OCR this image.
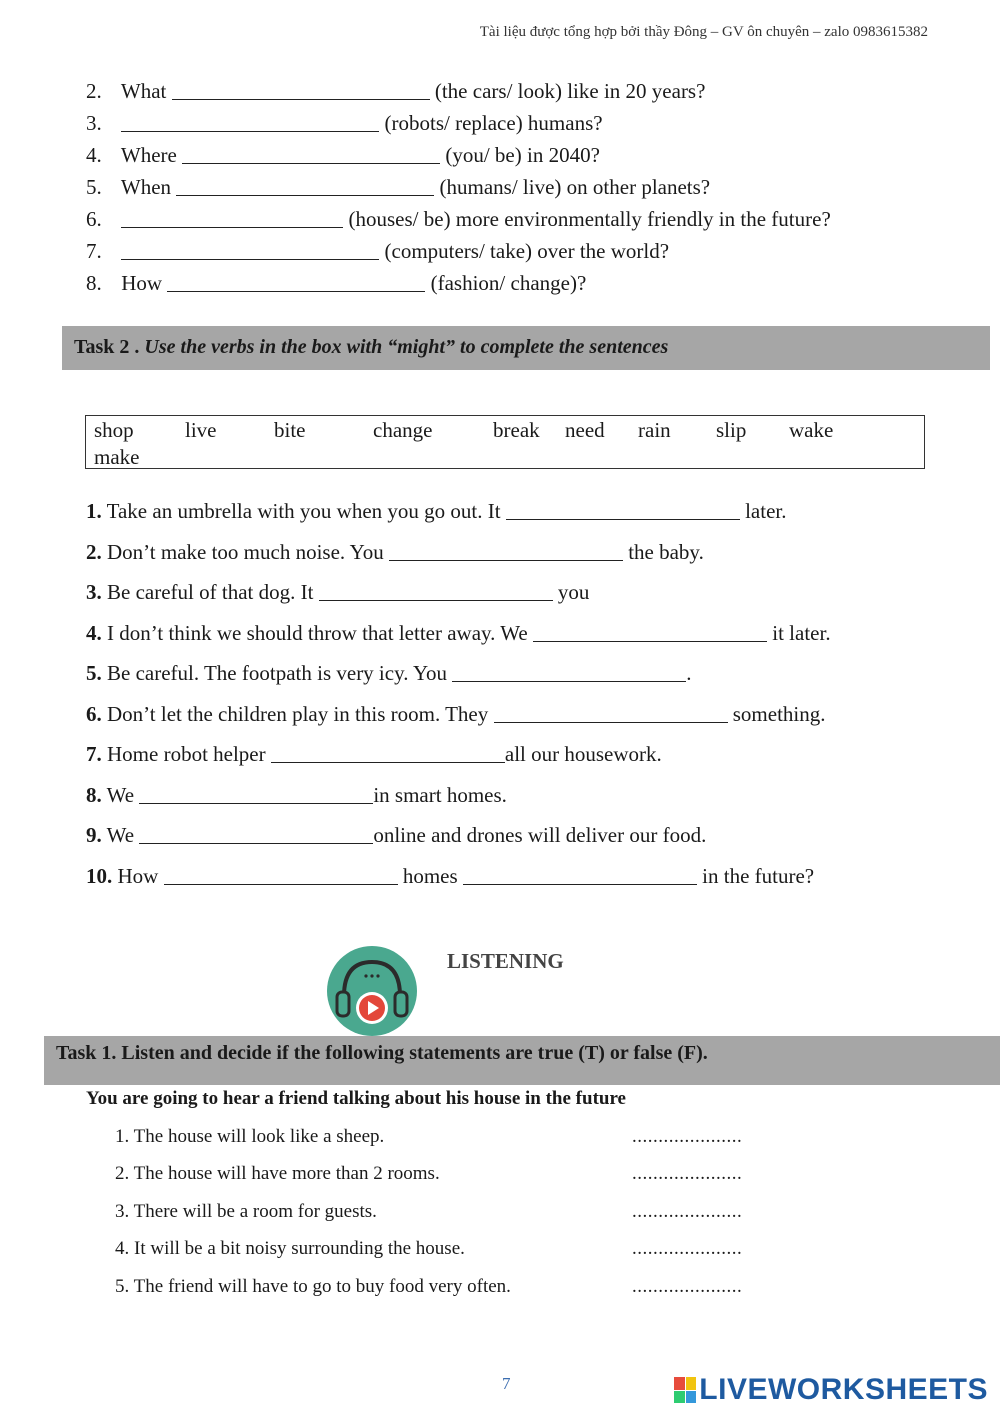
Tài liệu được tổng hợp bởi thầy Đông – GV ôn chuyên – zalo 0983615382
2. What	(the cars/ look) like in 20 years?
3.	(robots/ replace) humans?
4. Where	(you/ be) in 2040?
5. When	(humans/ live) on other planets?
6.	(houses/ be) more environmentally friendly in the future?
7.	(computers/ take) over the world?
8. How	(fashion/ change)?
Task 2 . Use the verbs in the box with “might” to complete the sentences
shop live	bite	change	break need rain slip wake
make
1. Take an umbrella with you when you go out. It	later.
2. Don’t make too much noise. You	the baby.
3. Be careful of that dog. It	you
4. I don’t think we should throw that letter away. We	it later.
5. Be careful. The footpath is very icy. You	.
6. Don’t let the children play in this room. They	something.
7. Home robot helper	all our housework.
8. We	in smart homes.
9. We	online and drones will deliver our food.
10. How	homes	in the future?
LISTENING
Task 1. Listen and decide if the following statements are true (T) or false (F).
You are going to hear a friend talking about his house in the future
1. The house will look like a sheep.	.....................
2. The house will have more than 2 rooms.	.....................
3. There will be a room for guests.	.....................
4. It will be a bit noisy surrounding the house.	.....................
5. The friend will have to go to buy food very often.	.....................
7	LIVEWORKSHEETS
